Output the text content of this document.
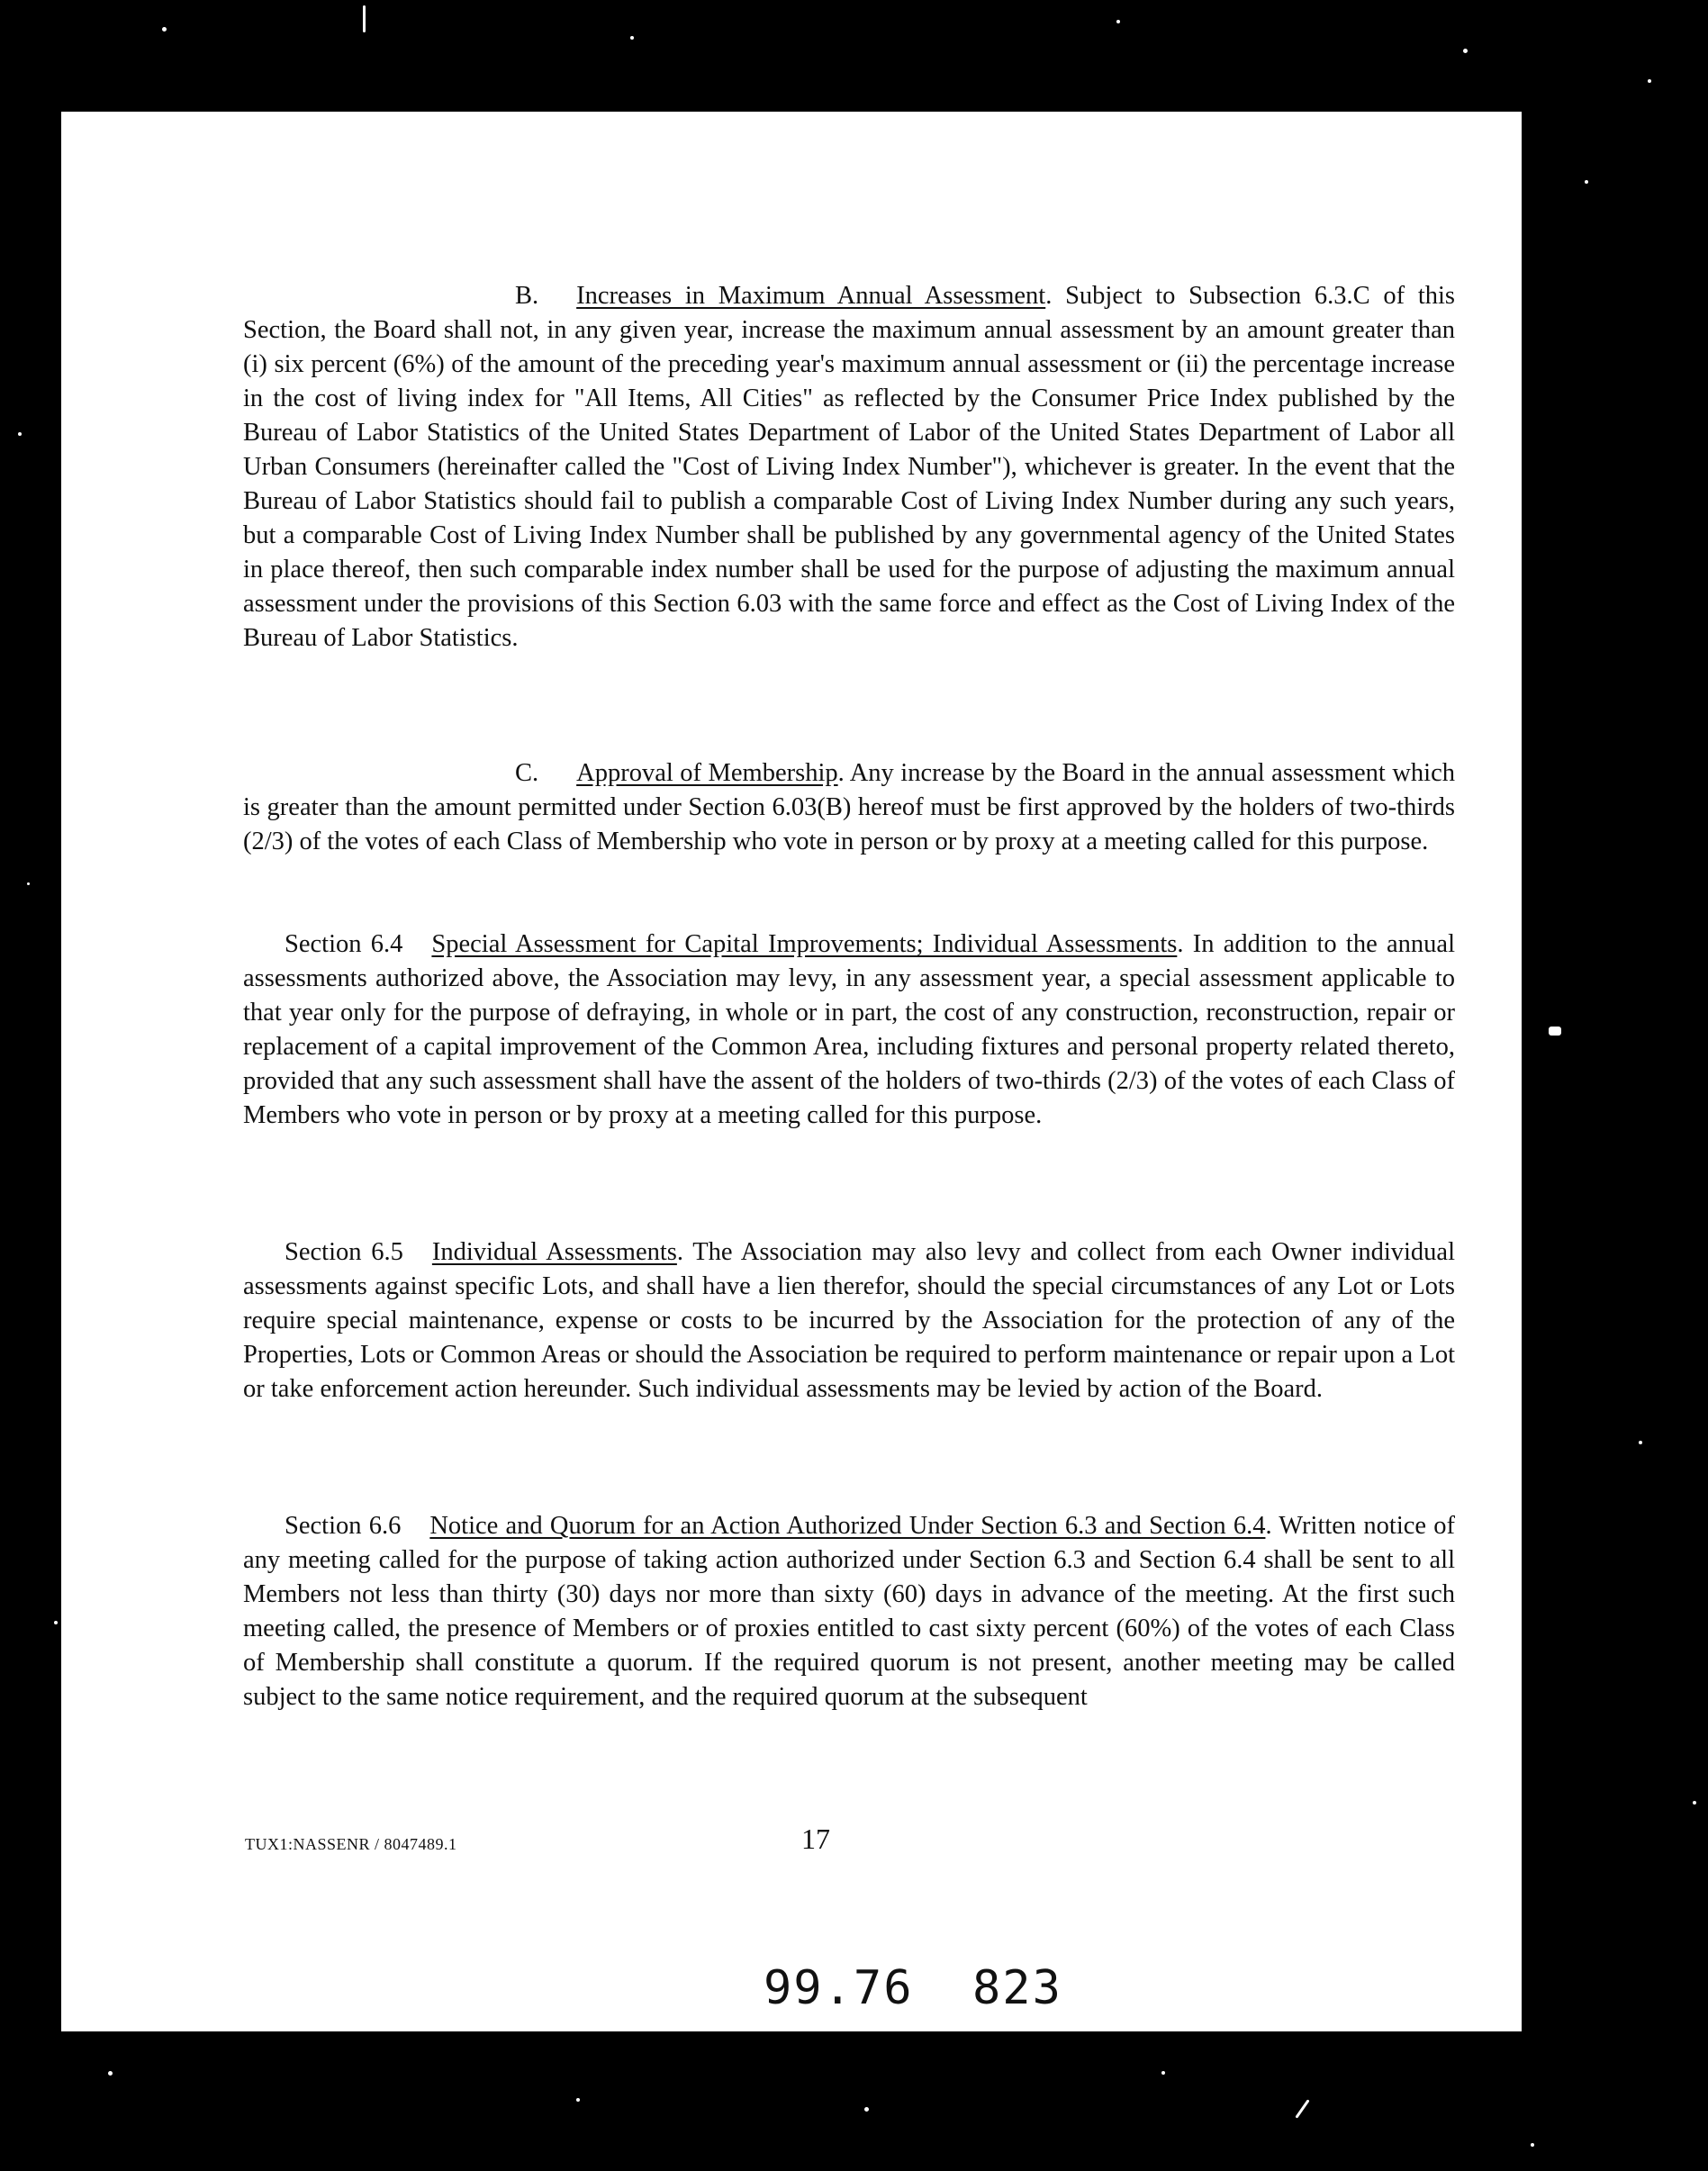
B. Increases in Maximum Annual Assessment. Subject to Subsection 6.3.C of this Section, the Board shall not, in any given year, increase the maximum annual assessment by an amount greater than (i) six percent (6%) of the amount of the preceding year's maximum annual assessment or (ii) the percentage increase in the cost of living index for "All Items, All Cities" as reflected by the Consumer Price Index published by the Bureau of Labor Statistics of the United States Department of Labor of the United States Department of Labor all Urban Consumers (hereinafter called the "Cost of Living Index Number"), whichever is greater. In the event that the Bureau of Labor Statistics should fail to publish a comparable Cost of Living Index Number during any such years, but a comparable Cost of Living Index Number shall be published by any governmental agency of the United States in place thereof, then such comparable index number shall be used for the purpose of adjusting the maximum annual assessment under the provisions of this Section 6.03 with the same force and effect as the Cost of Living Index of the Bureau of Labor Statistics.

C. Approval of Membership. Any increase by the Board in the annual assessment which is greater than the amount permitted under Section 6.03(B) hereof must be first approved by the holders of two-thirds (2/3) of the votes of each Class of Membership who vote in person or by proxy at a meeting called for this purpose.

Section 6.4 Special Assessment for Capital Improvements; Individual Assessments. In addition to the annual assessments authorized above, the Association may levy, in any assessment year, a special assessment applicable to that year only for the purpose of defraying, in whole or in part, the cost of any construction, reconstruction, repair or replacement of a capital improvement of the Common Area, including fixtures and personal property related thereto, provided that any such assessment shall have the assent of the holders of two-thirds (2/3) of the votes of each Class of Members who vote in person or by proxy at a meeting called for this purpose.

Section 6.5 Individual Assessments. The Association may also levy and collect from each Owner individual assessments against specific Lots, and shall have a lien therefor, should the special circumstances of any Lot or Lots require special maintenance, expense or costs to be incurred by the Association for the protection of any of the Properties, Lots or Common Areas or should the Association be required to perform maintenance or repair upon a Lot or take enforcement action hereunder. Such individual assessments may be levied by action of the Board.

Section 6.6 Notice and Quorum for an Action Authorized Under Section 6.3 and Section 6.4. Written notice of any meeting called for the purpose of taking action authorized under Section 6.3 and Section 6.4 shall be sent to all Members not less than thirty (30) days nor more than sixty (60) days in advance of the meeting. At the first such meeting called, the presence of Members or of proxies entitled to cast sixty percent (60%) of the votes of each Class of Membership shall constitute a quorum. If the required quorum is not present, another meeting may be called subject to the same notice requirement, and the required quorum at the subsequent

TUX1:NASSENR / 8047489.1	17
99.76 823
